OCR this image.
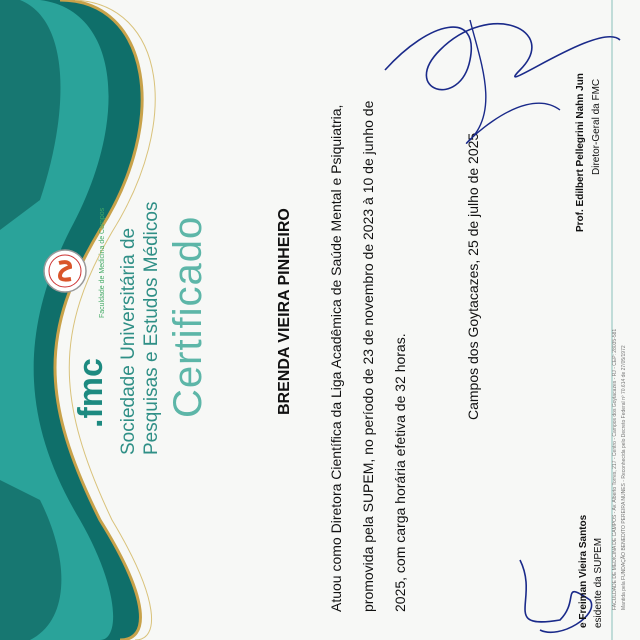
.fmc
Faculdade de Medicina de Campos Sociedade Universitária de Pesquisas e Estudos Médicos Certificado	BRENDA VIEIRA PINHEIRO	Atuou como Diretora Científica da Liga Acadêmica de Saúde Mental e Psiquiatria, promovida pela SUPEM, no período de 23 de novembro de 2023 à 10 de junho de 2025, com carga horária efetiva de 32 horas.
Campos dos Goytacazes, 25 de julho de 2025	Prof. Edilbert Pellegrini Nahn Jun Diretor-Geral da FMC
e Freiman Vieira Santos esidente da SUPEM FACULDADE DE MEDICINA DE CAMPOS - Av. Alberto Torres, 217 - Centro - Campos dos Goytacazes - RJ - CEP: 28035-581 Mantida pela FUNDAÇÃO BENEDITO PEREIRA NUNES - Reconhecida pelo Decreto Federal nº 70.614 de 27/05/1972
